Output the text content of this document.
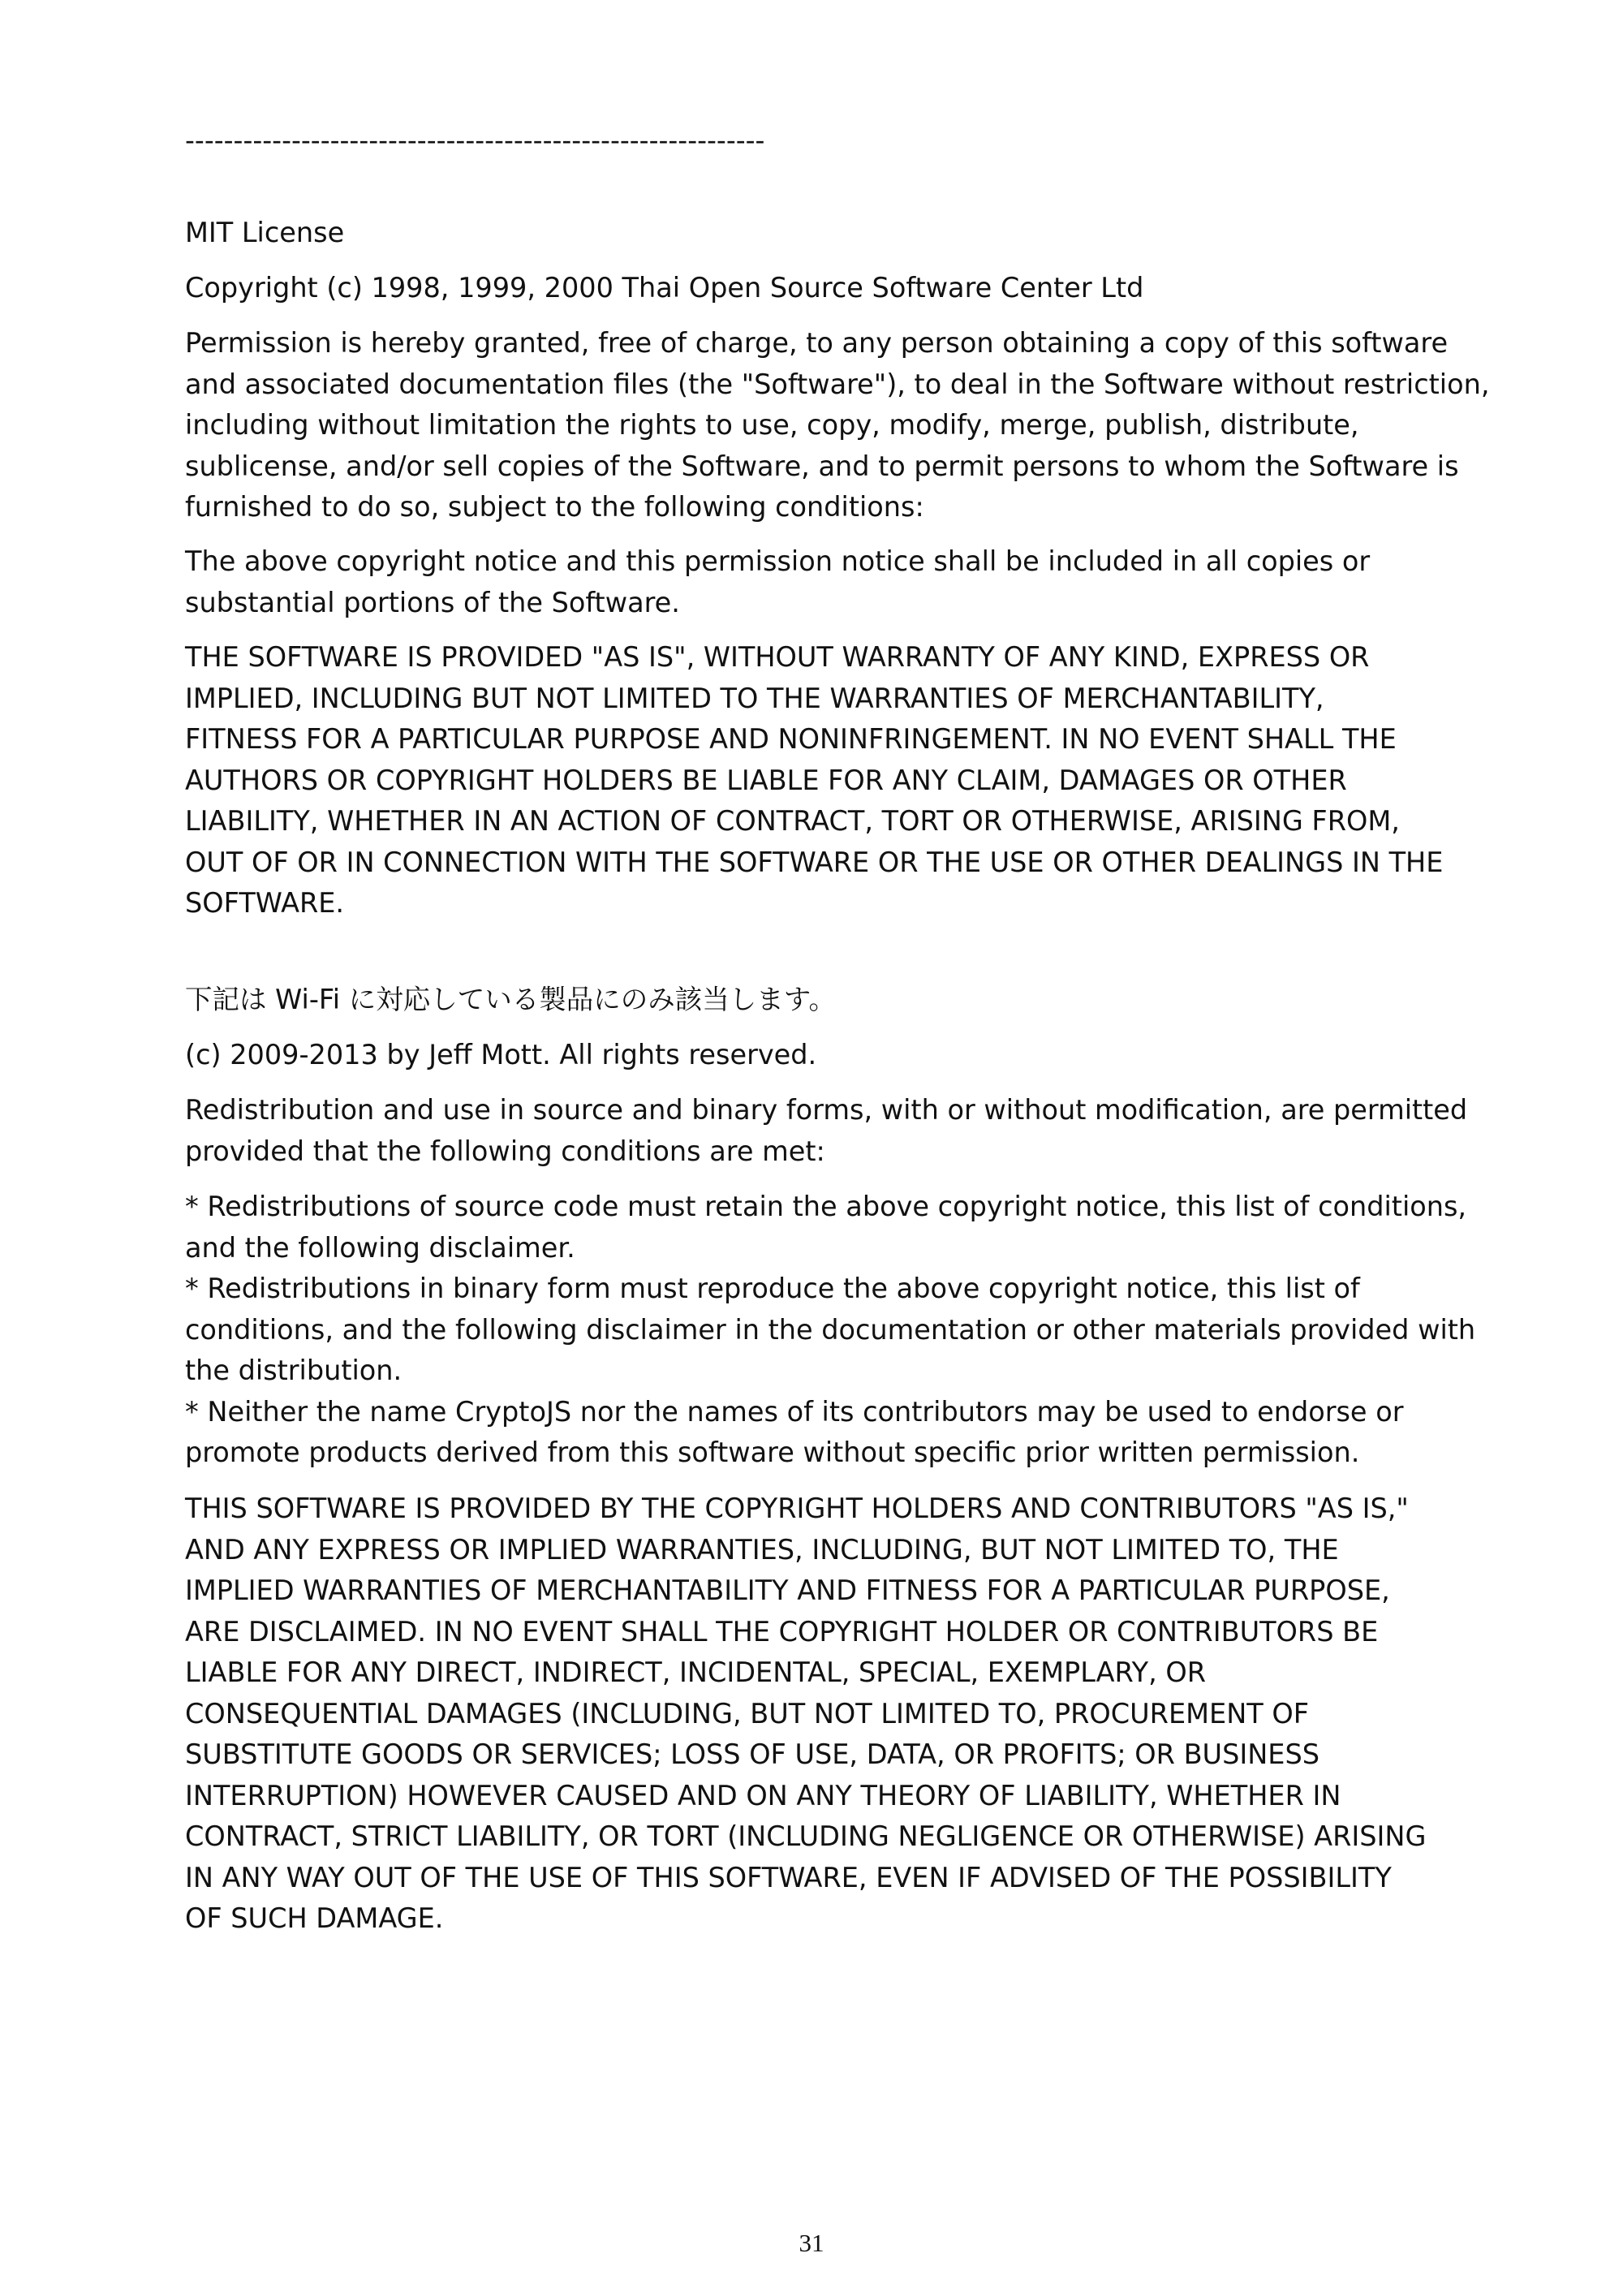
------------------------------------------------------------

MIT License

Copyright (c) 1998, 1999, 2000 Thai Open Source Software Center Ltd

Permission is hereby granted, free of charge, to any person obtaining a copy of this software
and associated documentation files (the "Software"), to deal in the Software without restriction,
including without limitation the rights to use, copy, modify, merge, publish, distribute,
sublicense, and/or sell copies of the Software, and to permit persons to whom the Software is
furnished to do so, subject to the following conditions:

The above copyright notice and this permission notice shall be included in all copies or
substantial portions of the Software.

THE SOFTWARE IS PROVIDED "AS IS", WITHOUT WARRANTY OF ANY KIND, EXPRESS OR
IMPLIED, INCLUDING BUT NOT LIMITED TO THE WARRANTIES OF MERCHANTABILITY,
FITNESS FOR A PARTICULAR PURPOSE AND NONINFRINGEMENT. IN NO EVENT SHALL THE
AUTHORS OR COPYRIGHT HOLDERS BE LIABLE FOR ANY CLAIM, DAMAGES OR OTHER
LIABILITY, WHETHER IN AN ACTION OF CONTRACT, TORT OR OTHERWISE, ARISING FROM,
OUT OF OR IN CONNECTION WITH THE SOFTWARE OR THE USE OR OTHER DEALINGS IN THE
SOFTWARE.

下記は Wi-Fi に対応している製品にのみ該当します。

(c) 2009-2013 by Jeff Mott. All rights reserved.

Redistribution and use in source and binary forms, with or without modification, are permitted
provided that the following conditions are met:

* Redistributions of source code must retain the above copyright notice, this list of conditions,
and the following disclaimer.
* Redistributions in binary form must reproduce the above copyright notice, this list of
conditions, and the following disclaimer in the documentation or other materials provided with
the distribution.
* Neither the name CryptoJS nor the names of its contributors may be used to endorse or
promote products derived from this software without specific prior written permission.

THIS SOFTWARE IS PROVIDED BY THE COPYRIGHT HOLDERS AND CONTRIBUTORS "AS IS,"
AND ANY EXPRESS OR IMPLIED WARRANTIES, INCLUDING, BUT NOT LIMITED TO, THE
IMPLIED WARRANTIES OF MERCHANTABILITY AND FITNESS FOR A PARTICULAR PURPOSE,
ARE DISCLAIMED. IN NO EVENT SHALL THE COPYRIGHT HOLDER OR CONTRIBUTORS BE
LIABLE FOR ANY DIRECT, INDIRECT, INCIDENTAL, SPECIAL, EXEMPLARY, OR
CONSEQUENTIAL DAMAGES (INCLUDING, BUT NOT LIMITED TO, PROCUREMENT OF
SUBSTITUTE GOODS OR SERVICES; LOSS OF USE, DATA, OR PROFITS; OR BUSINESS
INTERRUPTION) HOWEVER CAUSED AND ON ANY THEORY OF LIABILITY, WHETHER IN
CONTRACT, STRICT LIABILITY, OR TORT (INCLUDING NEGLIGENCE OR OTHERWISE) ARISING
IN ANY WAY OUT OF THE USE OF THIS SOFTWARE, EVEN IF ADVISED OF THE POSSIBILITY
OF SUCH DAMAGE.

31
